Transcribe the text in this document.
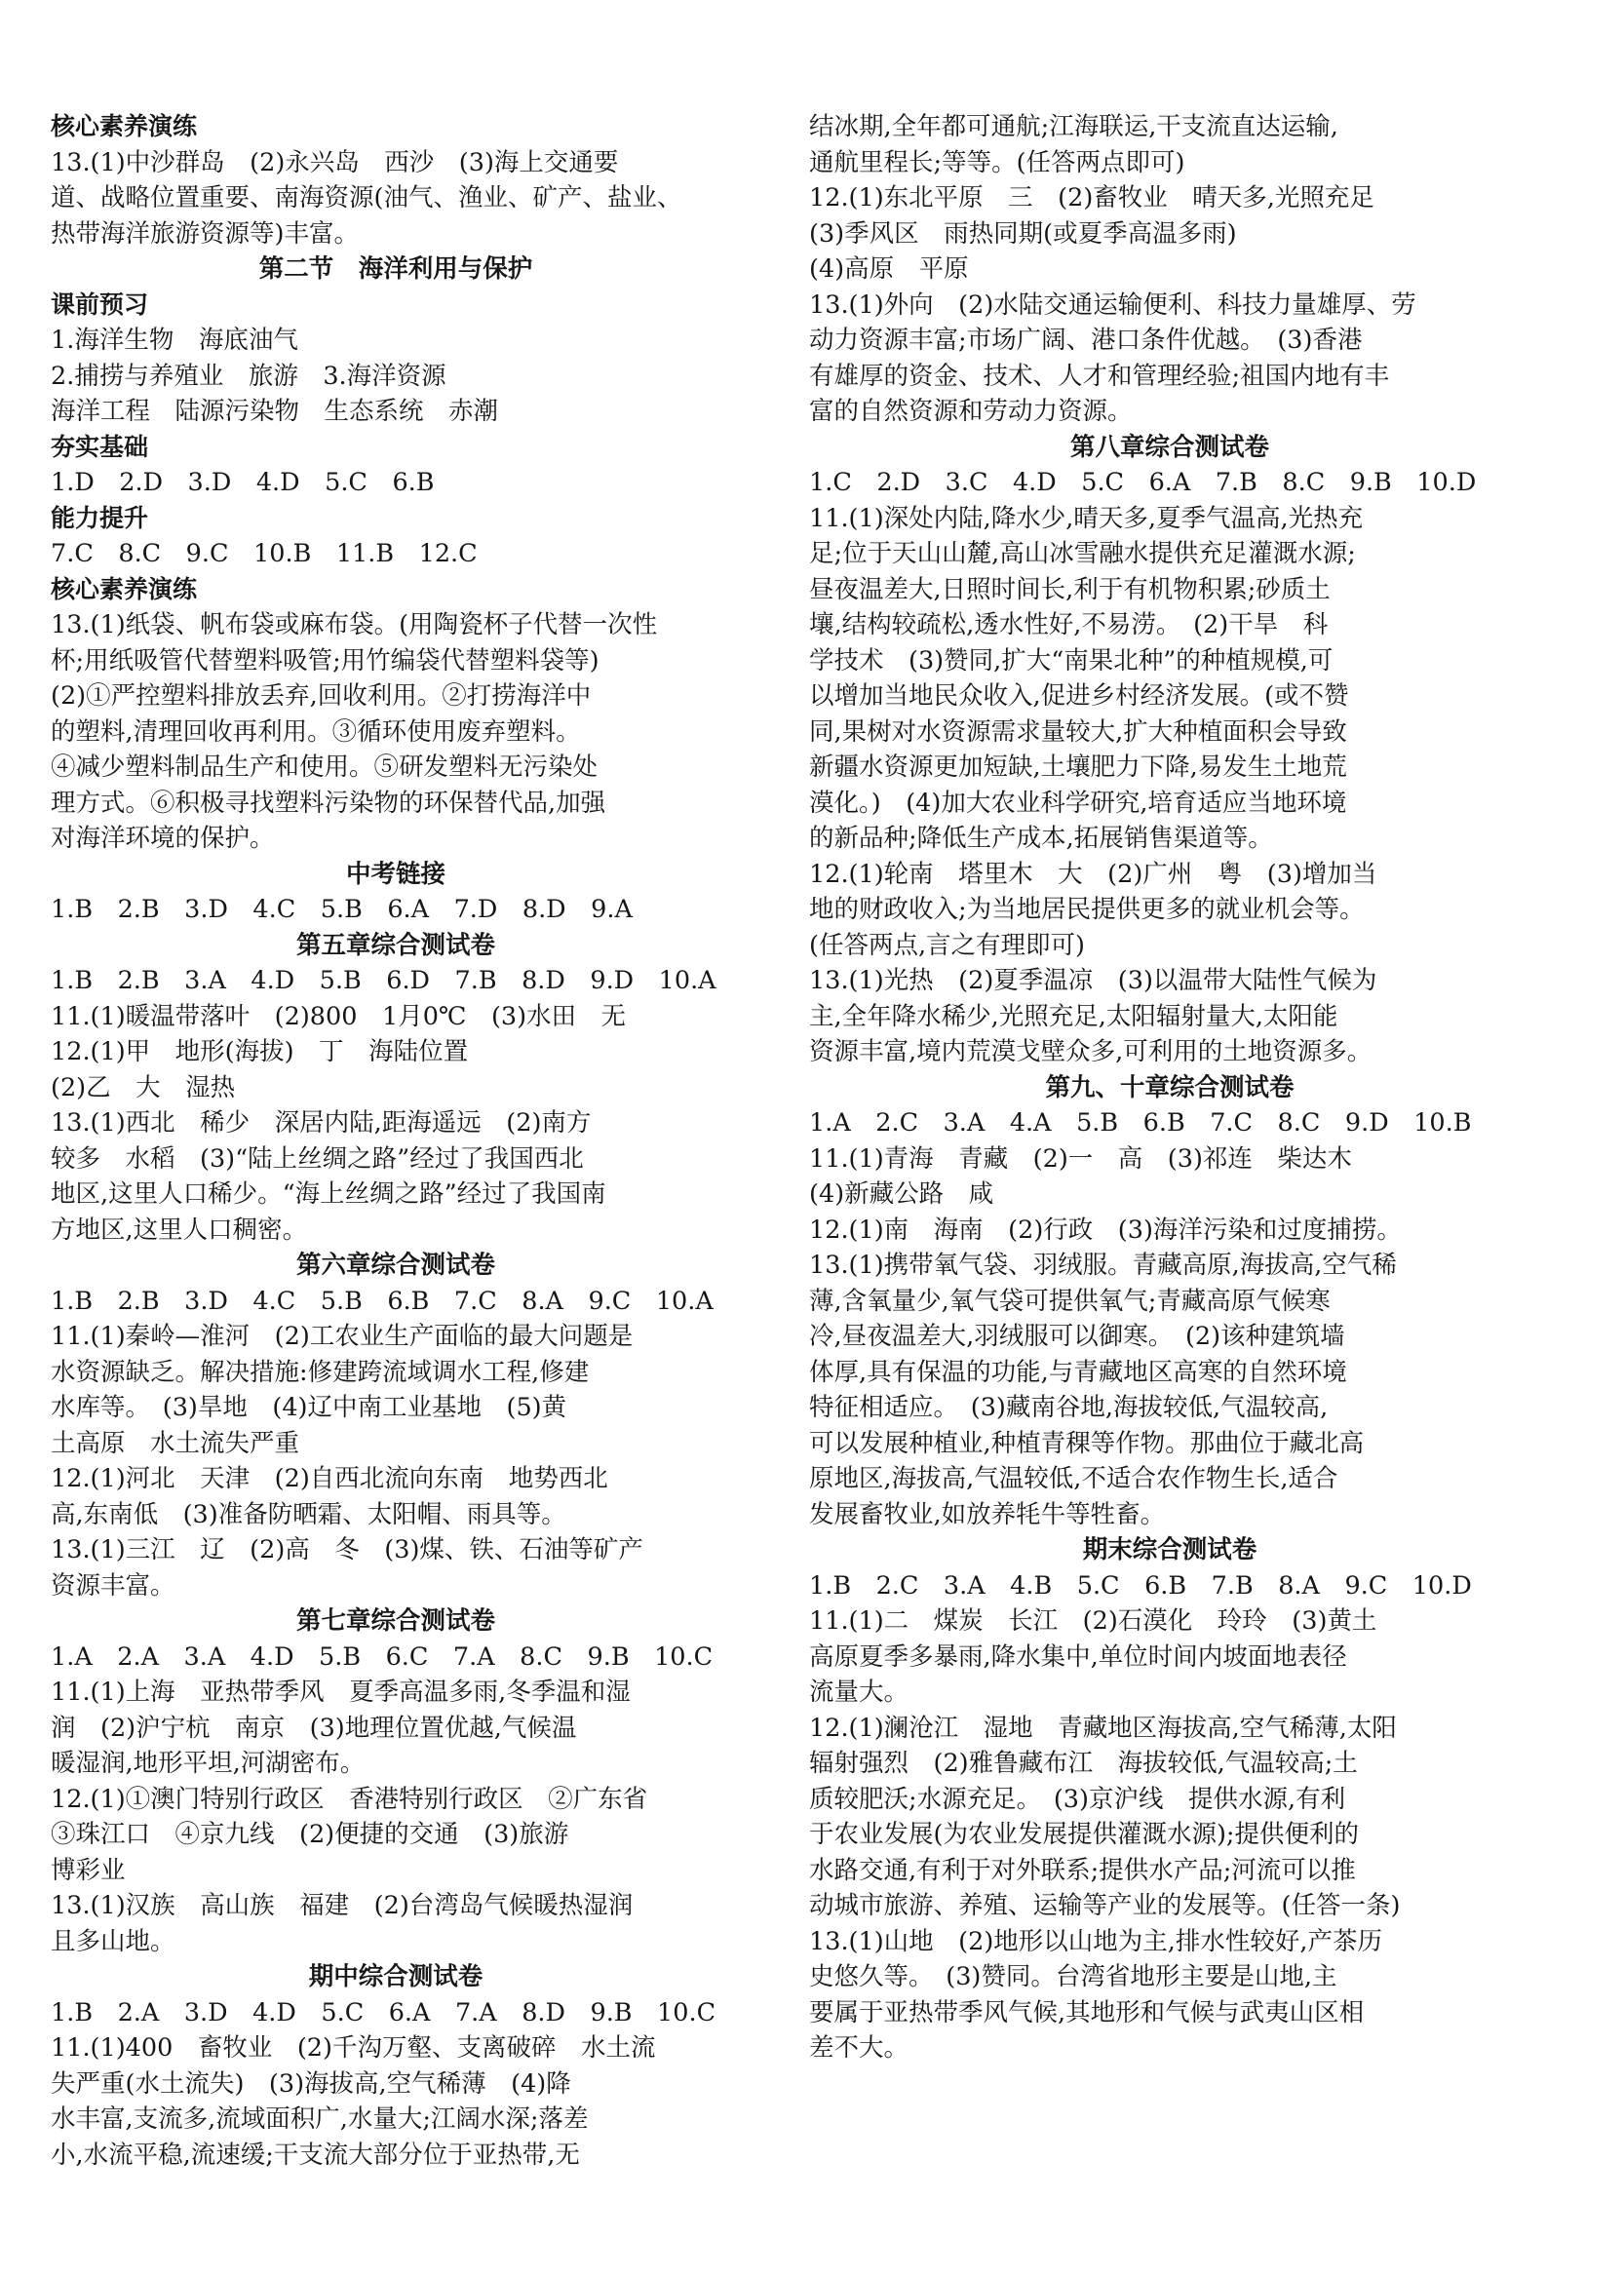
核心素养演练
13.(1)中沙群岛　(2)永兴岛　西沙　(3)海上交通要
道、战略位置重要、南海资源(油气、渔业、矿产、盐业、
热带海洋旅游资源等)丰富。
第二节　海洋利用与保护
课前预习
1.海洋生物　海底油气
2.捕捞与养殖业　旅游　3.海洋资源
海洋工程　陆源污染物　生态系统　赤潮
夯实基础
1.D　2.D　3.D　4.D　5.C　6.B
能力提升
7.C　8.C　9.C　10.B　11.B　12.C
核心素养演练
13.(1)纸袋、帆布袋或麻布袋。(用陶瓷杯子代替一次性
杯;用纸吸管代替塑料吸管;用竹编袋代替塑料袋等)
(2)①严控塑料排放丢弃,回收利用。②打捞海洋中
的塑料,清理回收再利用。③循环使用废弃塑料。
④减少塑料制品生产和使用。⑤研发塑料无污染处
理方式。⑥积极寻找塑料污染物的环保替代品,加强
对海洋环境的保护。
中考链接
1.B　2.B　3.D　4.C　5.B　6.A　7.D　8.D　9.A
第五章综合测试卷
1.B　2.B　3.A　4.D　5.B　6.D　7.B　8.D　9.D　10.A
11.(1)暖温带落叶　(2)800　1月0℃　(3)水田　无
12.(1)甲　地形(海拔)　丁　海陆位置
(2)乙　大　湿热
13.(1)西北　稀少　深居内陆,距海遥远　(2)南方
较多　水稻　(3)“陆上丝绸之路”经过了我国西北
地区,这里人口稀少。“海上丝绸之路”经过了我国南
方地区,这里人口稠密。
第六章综合测试卷
1.B　2.B　3.D　4.C　5.B　6.B　7.C　8.A　9.C　10.A
11.(1)秦岭—淮河　(2)工农业生产面临的最大问题是
水资源缺乏。解决措施:修建跨流域调水工程,修建
水库等。　(3)旱地　(4)辽中南工业基地　(5)黄
土高原　水土流失严重
12.(1)河北　天津　(2)自西北流向东南　地势西北
高,东南低　(3)准备防晒霜、太阳帽、雨具等。
13.(1)三江　辽　(2)高　冬　(3)煤、铁、石油等矿产
资源丰富。
第七章综合测试卷
1.A　2.A　3.A　4.D　5.B　6.C　7.A　8.C　9.B　10.C
11.(1)上海　亚热带季风　夏季高温多雨,冬季温和湿
润　(2)沪宁杭　南京　(3)地理位置优越,气候温
暖湿润,地形平坦,河湖密布。
12.(1)①澳门特别行政区　香港特别行政区　②广东省
③珠江口　④京九线　(2)便捷的交通　(3)旅游
博彩业
13.(1)汉族　高山族　福建　(2)台湾岛气候暖热湿润
且多山地。
期中综合测试卷
1.B　2.A　3.D　4.D　5.C　6.A　7.A　8.D　9.B　10.C
11.(1)400　畜牧业　(2)千沟万壑、支离破碎　水土流
失严重(水土流失)　(3)海拔高,空气稀薄　(4)降
水丰富,支流多,流域面积广,水量大;江阔水深;落差
小,水流平稳,流速缓;干支流大部分位于亚热带,无
结冰期,全年都可通航;江海联运,干支流直达运输,
通航里程长;等等。(任答两点即可)
12.(1)东北平原　三　(2)畜牧业　晴天多,光照充足
(3)季风区　雨热同期(或夏季高温多雨)
(4)高原　平原
13.(1)外向　(2)水陆交通运输便利、科技力量雄厚、劳
动力资源丰富;市场广阔、港口条件优越。　(3)香港
有雄厚的资金、技术、人才和管理经验;祖国内地有丰
富的自然资源和劳动力资源。
第八章综合测试卷
1.C　2.D　3.C　4.D　5.C　6.A　7.B　8.C　9.B　10.D
11.(1)深处内陆,降水少,晴天多,夏季气温高,光热充
足;位于天山山麓,高山冰雪融水提供充足灌溉水源;
昼夜温差大,日照时间长,利于有机物积累;砂质土
壤,结构较疏松,透水性好,不易涝。　(2)干旱　科
学技术　(3)赞同,扩大“南果北种”的种植规模,可
以增加当地民众收入,促进乡村经济发展。(或不赞
同,果树对水资源需求量较大,扩大种植面积会导致
新疆水资源更加短缺,土壤肥力下降,易发生土地荒
漠化。)　(4)加大农业科学研究,培育适应当地环境
的新品种;降低生产成本,拓展销售渠道等。
12.(1)轮南　塔里木　大　(2)广州　粤　(3)增加当
地的财政收入;为当地居民提供更多的就业机会等。
(任答两点,言之有理即可)
13.(1)光热　(2)夏季温凉　(3)以温带大陆性气候为
主,全年降水稀少,光照充足,太阳辐射量大,太阳能
资源丰富,境内荒漠戈壁众多,可利用的土地资源多。
第九、十章综合测试卷
1.A　2.C　3.A　4.A　5.B　6.B　7.C　8.C　9.D　10.B
11.(1)青海　青藏　(2)一　高　(3)祁连　柴达木
(4)新藏公路　咸
12.(1)南　海南　(2)行政　(3)海洋污染和过度捕捞。
13.(1)携带氧气袋、羽绒服。青藏高原,海拔高,空气稀
薄,含氧量少,氧气袋可提供氧气;青藏高原气候寒
冷,昼夜温差大,羽绒服可以御寒。　(2)该种建筑墙
体厚,具有保温的功能,与青藏地区高寒的自然环境
特征相适应。　(3)藏南谷地,海拔较低,气温较高,
可以发展种植业,种植青稞等作物。那曲位于藏北高
原地区,海拔高,气温较低,不适合农作物生长,适合
发展畜牧业,如放养牦牛等牲畜。
期末综合测试卷
1.B　2.C　3.A　4.B　5.C　6.B　7.B　8.A　9.C　10.D
11.(1)二　煤炭　长江　(2)石漠化　玲玲　(3)黄土
高原夏季多暴雨,降水集中,单位时间内坡面地表径
流量大。
12.(1)澜沧江　湿地　青藏地区海拔高,空气稀薄,太阳
辐射强烈　(2)雅鲁藏布江　海拔较低,气温较高;土
质较肥沃;水源充足。　(3)京沪线　提供水源,有利
于农业发展(为农业发展提供灌溉水源);提供便利的
水路交通,有利于对外联系;提供水产品;河流可以推
动城市旅游、养殖、运输等产业的发展等。(任答一条)
13.(1)山地　(2)地形以山地为主,排水性较好,产茶历
史悠久等。　(3)赞同。台湾省地形主要是山地,主
要属于亚热带季风气候,其地形和气候与武夷山区相
差不大。
